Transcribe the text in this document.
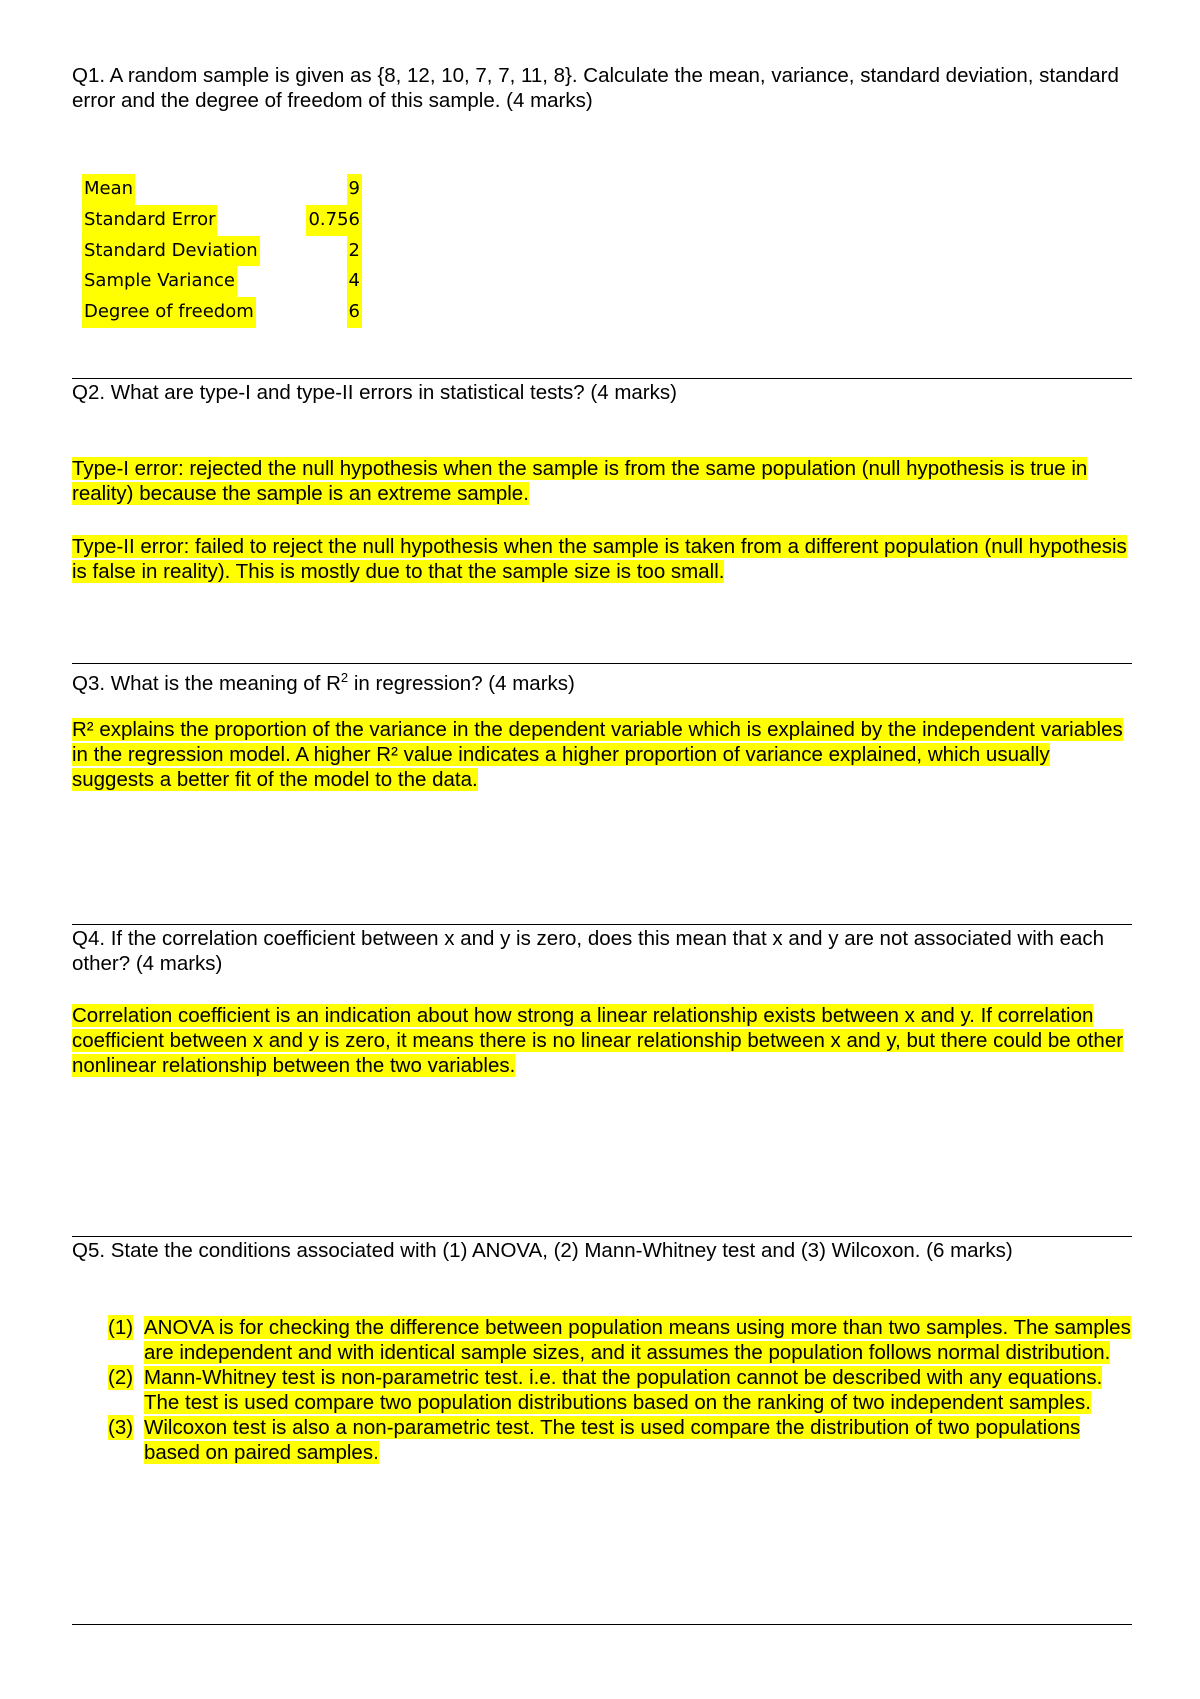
Q1. A random sample is given as {8, 12, 10, 7, 7, 11, 8}. Calculate the mean, variance, standard deviation, standard error and the degree of freedom of this sample. (4 marks)
Mean	9
Standard Error	0.756
Standard Deviation	2
Sample Variance	4
Degree of freedom	6
Q2. What are type-I and type-II errors in statistical tests? (4 marks)
Type-I error: rejected the null hypothesis when the sample is from the same population (null hypothesis is true in reality) because the sample is an extreme sample.
Type-II error: failed to reject the null hypothesis when the sample is taken from a different population (null hypothesis is false in reality). This is mostly due to that the sample size is too small.
Q3. What is the meaning of $R^2$ in regression? (4 marks)
R² explains the proportion of the variance in the dependent variable which is explained by the independent variables in the regression model. A higher R² value indicates a higher proportion of variance explained, which usually suggests a better fit of the model to the data.
Q4. If the correlation coefficient between x and y is zero, does this mean that x and y are not associated with each other? (4 marks)
Correlation coefficient is an indication about how strong a linear relationship exists between x and y. If correlation coefficient between x and y is zero, it means there is no linear relationship between x and y, but there could be other nonlinear relationship between the two variables.
Q5. State the conditions associated with (1) ANOVA, (2) Mann-Whitney test and (3) Wilcoxon. (6 marks)
(1) ANOVA is for checking the difference between population means using more than two samples. The samples are independent and with identical sample sizes, and it assumes the population follows normal distribution.
(2) Mann-Whitney test is non-parametric test. i.e. that the population cannot be described with any equations. The test is used compare two population distributions based on the ranking of two independent samples.
(3) Wilcoxon test is also a non-parametric test. The test is used compare the distribution of two populations based on paired samples.
